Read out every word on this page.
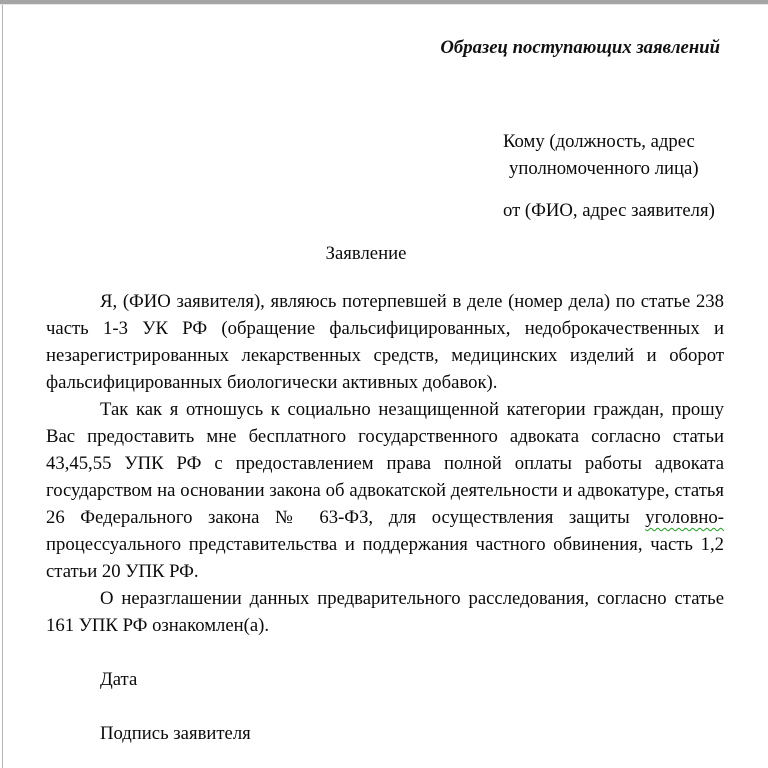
Образец поступающих заявлений
Кому (должность, адрес
уполномоченного лица)
от (ФИО, адрес заявителя)
Заявление

Я, (ФИО заявителя), являюсь потерпевшей в деле (номер дела) по статье 238 часть 1-3 УК РФ (обращение фальсифицированных, недоброкачественных и незарегистрированных лекарственных средств, медицинских изделий и оборот фальсифицированных биологически активных добавок).

Так как я отношусь к социально незащищенной категории граждан, прошу Вас предоставить мне бесплатного государственного адвоката согласно статьи 43,45,55 УПК РФ с предоставлением права полной оплаты работы адвоката государством на основании закона об адвокатской деятельности и адвокатуре, статья 26 Федерального закона № 63-ФЗ, для осуществления защиты уголовно-процессуального представительства и поддержания частного обвинения, часть 1,2 статьи 20 УПК РФ.

О неразглашении данных предварительного расследования, согласно статье 161 УПК РФ ознакомлен(а).

Дата
Подпись заявителя
